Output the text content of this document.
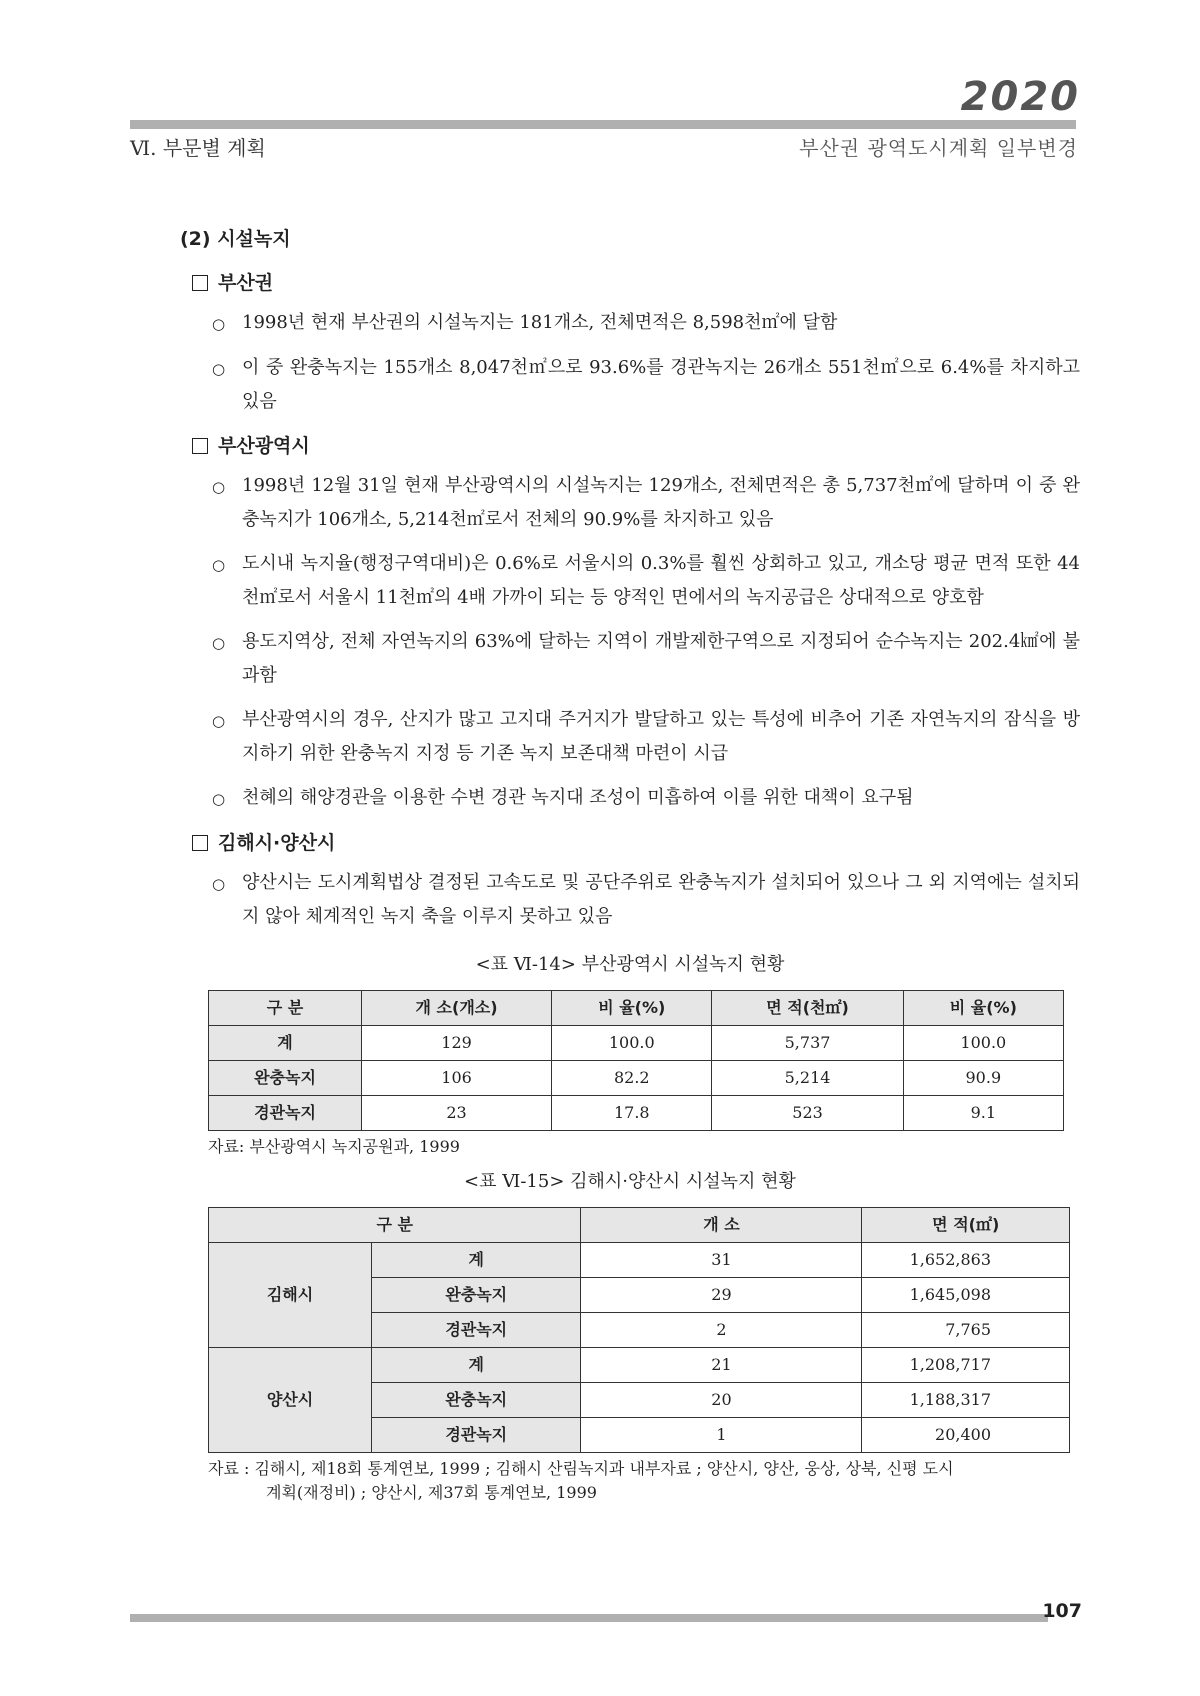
2020
Ⅵ. 부문별 계획	부산권 광역도시계획 일부변경
(2) 시설녹지
부산권
○ 1998년 현재 부산권의 시설녹지는 181개소, 전체면적은 8,598천㎡에 달함
○ 이 중 완충녹지는 155개소 8,047천㎡으로 93.6%를 경관녹지는 26개소 551천㎡으로 6.4%를 차지하고 있음
부산광역시
○ 1998년 12월 31일 현재 부산광역시의 시설녹지는 129개소, 전체면적은 총 5,737천㎡에 달하며 이 중 완충녹지가 106개소, 5,214천㎡로서 전체의 90.9%를 차지하고 있음
○ 도시내 녹지율(행정구역대비)은 0.6%로 서울시의 0.3%를 훨씬 상회하고 있고, 개소당 평균 면적 또한 44천㎡로서 서울시 11천㎡의 4배 가까이 되는 등 양적인 면에서의 녹지공급은 상대적으로 양호함
○ 용도지역상, 전체 자연녹지의 63%에 달하는 지역이 개발제한구역으로 지정되어 순수녹지는 202.4㎢에 불과함
○ 부산광역시의 경우, 산지가 많고 고지대 주거지가 발달하고 있는 특성에 비추어 기존 자연녹지의 잠식을 방지하기 위한 완충녹지 지정 등 기존 녹지 보존대책 마련이 시급
○ 천혜의 해양경관을 이용한 수변 경관 녹지대 조성이 미흡하여 이를 위한 대책이 요구됨
김해시·양산시
○ 양산시는 도시계획법상 결정된 고속도로 및 공단주위로 완충녹지가 설치되어 있으나 그 외 지역에는 설치되지 않아 체계적인 녹지 축을 이루지 못하고 있음
<표 Ⅵ-14> 부산광역시 시설녹지 현황
구 분	개 소(개소)	비 율(%)	면 적(천㎡)	비 율(%)
계	129	100.0	5,737	100.0
완충녹지	106	82.2	5,214	90.9
경관녹지	23	17.8	523	9.1
자료: 부산광역시 녹지공원과, 1999
<표 Ⅵ-15> 김해시·양산시 시설녹지 현황
구 분		개 소	면 적(㎡)
김해시	계	31	1,652,863
	완충녹지	29	1,645,098
	경관녹지	2	7,765
양산시	계	21	1,208,717
	완충녹지	20	1,188,317
	경관녹지	1	20,400
자료 : 김해시, 제18회 통계연보, 1999 ; 김해시 산림녹지과 내부자료 ; 양산시, 양산, 웅상, 상북, 신평 도시
계획(재정비) ; 양산시, 제37회 통계연보, 1999
107
